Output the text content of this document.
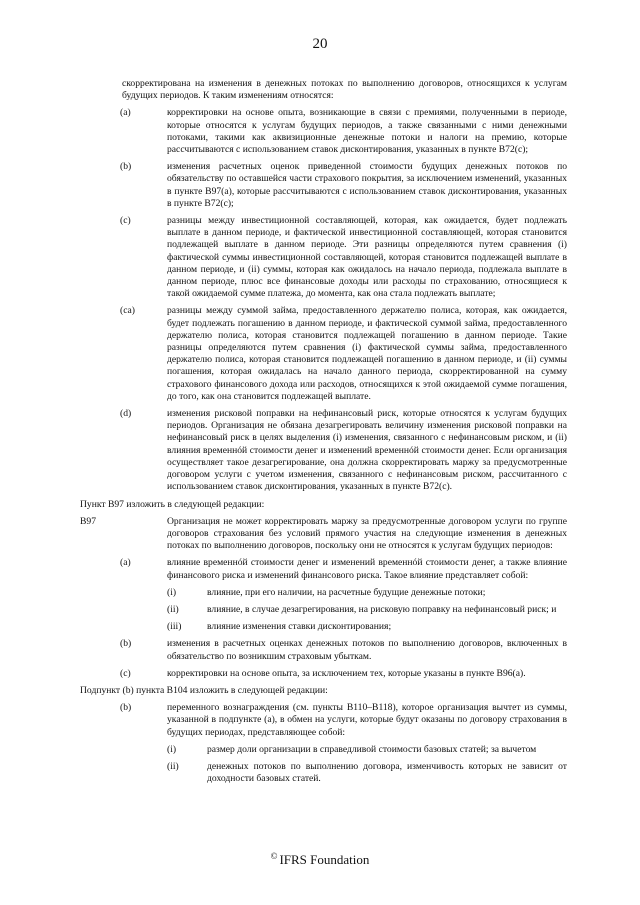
20
скорректирована на изменения в денежных потоках по выполнению договоров, относящихся к услугам будущих периодов. К таким изменениям относятся:
(a)	корректировки на основе опыта, возникающие в связи с премиями, полученными в периоде, которые относятся к услугам будущих периодов, а также связанными с ними денежными потоками, такими как аквизиционные денежные потоки и налоги на премию, которые рассчитываются с использованием ставок дисконтирования, указанных в пункте B72(c);
(b)	изменения расчетных оценок приведенной стоимости будущих денежных потоков по обязательству по оставшейся части страхового покрытия, за исключением изменений, указанных в пункте B97(a), которые рассчитываются с использованием ставок дисконтирования, указанных в пункте B72(c);
(c)	разницы между инвестиционной составляющей, которая, как ожидается, будет подлежать выплате в данном периоде, и фактической инвестиционной составляющей, которая становится подлежащей выплате в данном периоде. Эти разницы определяются путем сравнения (i) фактической суммы инвестиционной составляющей, которая становится подлежащей выплате в данном периоде, и (ii) суммы, которая как ожидалось на начало периода, подлежала выплате в данном периоде, плюс все финансовые доходы или расходы по страхованию, относящиеся к такой ожидаемой сумме платежа, до момента, как она стала подлежать выплате;
(ca)	разницы между суммой займа, предоставленного держателю полиса, которая, как ожидается, будет подлежать погашению в данном периоде, и фактической суммой займа, предоставленного держателю полиса, которая становится подлежащей погашению в данном периоде. Такие разницы определяются путем сравнения (i) фактической суммы займа, предоставленного держателю полиса, которая становится подлежащей погашению в данном периоде, и (ii) суммы погашения, которая ожидалась на начало данного периода, скорректированной на сумму страхового финансового дохода или расходов, относящихся к этой ожидаемой сумме погашения, до того, как она становится подлежащей выплате.
(d)	изменения рисковой поправки на нефинансовый риск, которые относятся к услугам будущих периодов. Организация не обязана дезагрегировать величину изменения рисковой поправки на нефинансовый риск в целях выделения (i) изменения, связанного с нефинансовым риском, и (ii) влияния временнóй стоимости денег и изменений временнóй стоимости денег. Если организация осуществляет такое дезагрегирование, она должна скорректировать маржу за предусмотренные договором услуги с учетом изменения, связанного с нефинансовым риском, рассчитанного с использованием ставок дисконтирования, указанных в пункте B72(c).
Пункт B97 изложить в следующей редакции:
B97	Организация не может корректировать маржу за предусмотренные договором услуги по группе договоров страхования без условий прямого участия на следующие изменения в денежных потоках по выполнению договоров, поскольку они не относятся к услугам будущих периодов:
(a)	влияние временнóй стоимости денег и изменений временнóй стоимости денег, а также влияние финансового риска и изменений финансового риска. Такое влияние представляет собой:
(i)	влияние, при его наличии, на расчетные будущие денежные потоки;
(ii)	влияние, в случае дезагрегирования, на рисковую поправку на нефинансовый риск; и
(iii)	влияние изменения ставки дисконтирования;
(b)	изменения в расчетных оценках денежных потоков по выполнению договоров, включенных в обязательство по возникшим страховым убыткам.
(c)	корректировки на основе опыта, за исключением тех, которые указаны в пункте B96(a).
Подпункт (b) пункта B104 изложить в следующей редакции:
(b)	переменного вознаграждения (см. пункты B110–B118), которое организация вычтет из суммы, указанной в подпункте (a), в обмен на услуги, которые будут оказаны по договору страхования в будущих периодах, представляющее собой:
(i)	размер доли организации в справедливой стоимости базовых статей; за вычетом
(ii)	денежных потоков по выполнению договора, изменчивость которых не зависит от доходности базовых статей.
© IFRS Foundation
